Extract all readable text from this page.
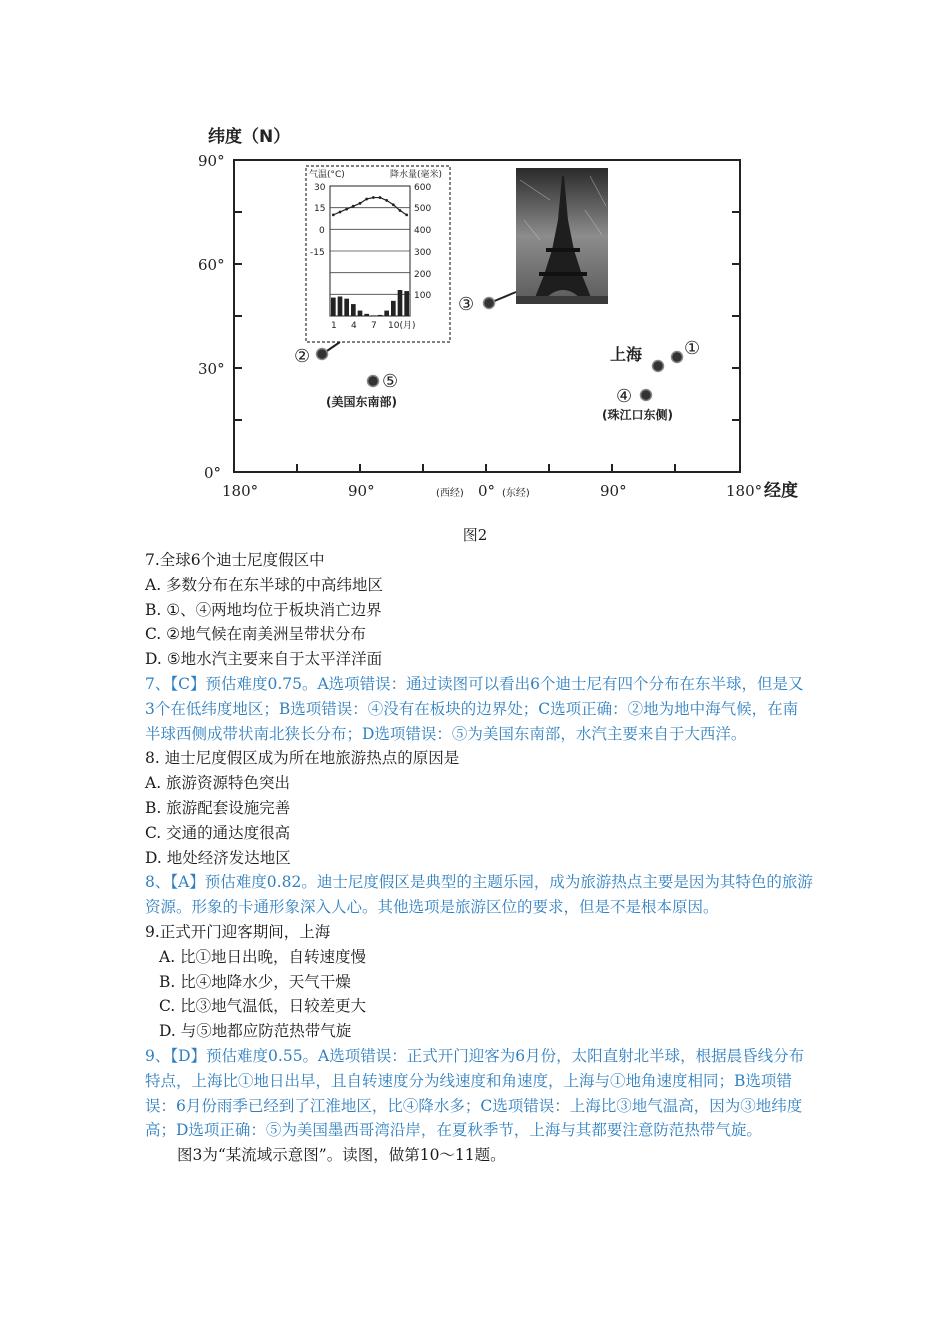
纬度（N）
经度
90°
60°
30°
0°
180°	90°	0°	90°	180°
(西经)	(东经)
气温(°C)	降水量(毫米)
30
15
0
-15
600
500
400
300
200
100
1 4 7 10(月)
②
③
⑤
(美国东南部)
上海 ①
④
(珠江口东侧)
图2

7.全球6个迪士尼度假区中

A. 多数分布在东半球的中高纬地区

B. ①、④两地均位于板块消亡边界

C. ②地气候在南美洲呈带状分布

D. ⑤地水汽主要来自于太平洋洋面

7、【C】预估难度0.75。A选项错误：通过读图可以看出6个迪士尼有四个分布在东半球，但是又3个在低纬度地区；B选项错误：④没有在板块的边界处；C选项正确：②地为地中海气候，在南半球西侧成带状南北狭长分布；D选项错误：⑤为美国东南部，水汽主要来自于大西洋。

8. 迪士尼度假区成为所在地旅游热点的原因是

A. 旅游资源特色突出

B. 旅游配套设施完善

C. 交通的通达度很高

D. 地处经济发达地区

8、【A】预估难度0.82。迪士尼度假区是典型的主题乐园，成为旅游热点主要是因为其特色的旅游资源。形象的卡通形象深入人心。其他选项是旅游区位的要求，但是不是根本原因。

9.正式开门迎客期间，上海

A. 比①地日出晚，自转速度慢

B. 比④地降水少，天气干燥

C. 比③地气温低，日较差更大

D. 与⑤地都应防范热带气旋

9、【D】预估难度0.55。A选项错误：正式开门迎客为6月份，太阳直射北半球，根据晨昏线分布特点，上海比①地日出早，且自转速度分为线速度和角速度，上海与①地角速度相同；B选项错误：6月份雨季已经到了江淮地区，比④降水多；C选项错误：上海比③地气温高，因为③地纬度高；D选项正确：⑤为美国墨西哥湾沿岸，在夏秋季节，上海与其都要注意防范热带气旋。

图3为“某流域示意图”。读图，做第10～11题。
